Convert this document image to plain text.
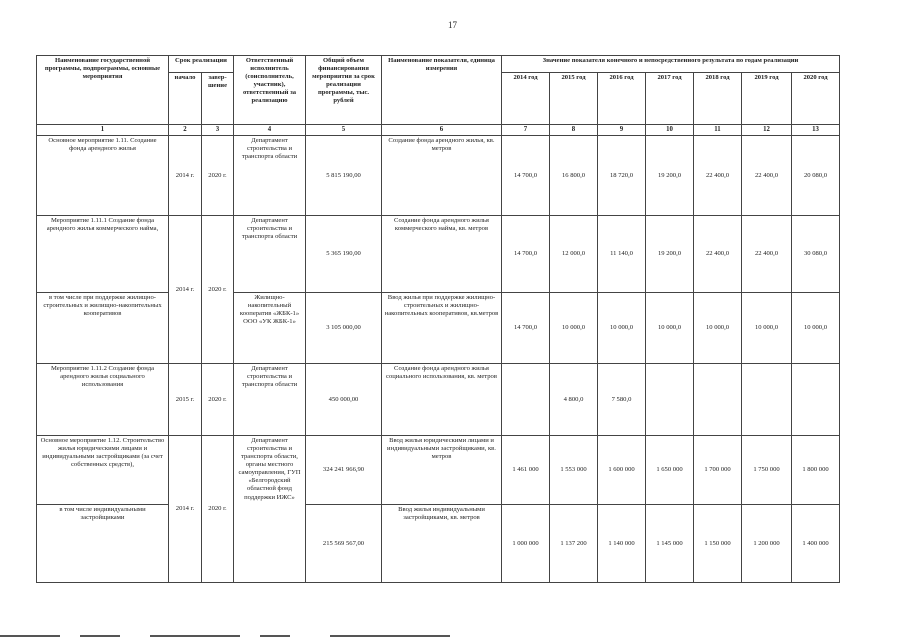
17
Наименование государственной программы, подпрограммы, основные мероприятия	Срок реализации		Ответственный исполнитель (соисполнитель, участник), ответственный за реализацию	Общий объем финансирования мероприятия за срок реализации программы, тыс. рублей	Наименование показателя, единица измерения	Значение показателя конечного и непосредственного результата по годам реализации						
	начало	завер-шение				2014 год	2015 год	2016 год	2017 год	2018 год	2019 год	2020 год
1	2	3	4	5	6	7	8	9	10	11	12	13
Основное мероприятие 1.11. Создание фонда арендного жилья	2014 г.	2020 г.	Департамент строительства и транспорта области	5 815 190,00	Создание фонда арендного жилья, кв. метров	14 700,0	16 800,0	18 720,0	19 200,0	22 400,0	22 400,0	20 080,0
Мероприятие 1.11.1 Создание фонда арендного жилья коммерческого найма,	2014 г.	2020 г.	Департамент строительства и транспорта области	5 365 190,00	Создание фонда арендного жилья коммерческого найма, кв. метров	14 700,0	12 000,0	11 140,0	19 200,0	22 400,0	22 400,0	30 080,0
в том числе при поддержке жилищно-строительных и жилищно-накопительных кооперативов			Жилищно-накопительный кооператив «ЖБК-1» ООО «УК ЖБК-1»	3 105 000,00	Ввод жилья при поддержке жилищно-строительных и жилищно-накопительных кооперативов, кв.метров	14 700,0	10 000,0	10 000,0	10 000,0	10 000,0	10 000,0	10 000,0
Мероприятие 1.11.2 Создание фонда арендного жилья социального использования	2015 г.	2020 г.	Департамент строительства и транспорта области	450 000,00	Создание фонда арендного жилья социального использования, кв. метров		4 800,0	7 580,0				
Основное мероприятие 1.12. Строительство жилья юридическими лицами и индивидуальными застройщиками (за счет собственных средств),	2014 г.	2020 г.	Департамент строительства и транспорта области, органы местного самоуправления, ГУП «Белгородский областной фонд поддержки ИЖС»	324 241 966,90	Ввод жилья юридическими лицами и индивидуальными застройщиками, кв. метров	1 461 000	1 553 000	1 600 000	1 650 000	1 700 000	1 750 000	1 800 000
в том числе индивидуальными застройщиками				215 569 567,00	Ввод жилья индивидуальными застройщиками, кв. метров	1 000 000	1 137 200	1 140 000	1 145 000	1 150 000	1 200 000	1 400 000
